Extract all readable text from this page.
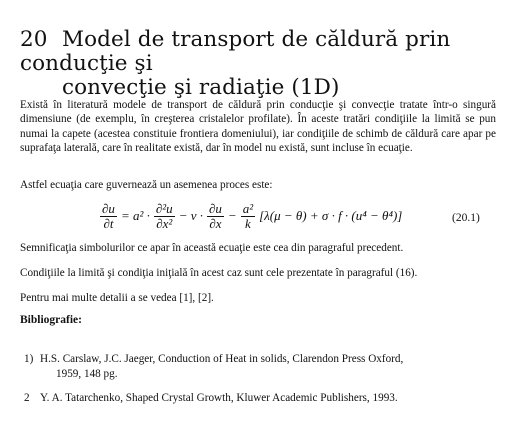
20 Model de transport de căldură prin conducţie şi
convecţie şi radiaţie (1D)

Există în literatură modele de transport de căldură prin conducţie şi convecţie tratate într-o singură dimensiune (de exemplu, în creşterea cristalelor profilate). În aceste tratări condiţiile la limită se pun numai la capete (acestea constituie frontiera domeniului), iar condiţiile de schimb de căldură care apar pe suprafaţa laterală, care în realitate există, dar în model nu există, sunt incluse în ecuaţie.

Astfel ecuaţia care guvernează un asemenea proces este:

$\frac{\partial u}{\partial t} = a^2 \cdot \frac{\text{∂²u}}{\text{∂x²}} - v \cdot \frac{\partial u}{\partial x} - \frac{\text{a²}}{k} [\lambda(\mu - \theta) + \sigma \cdot f \cdot (u^4 - \theta^4)]$	(20.1)

Semnificaţia simbolurilor ce apar în această ecuaţie este cea din paragraful precedent.

Condiţiile la limită şi condiţia iniţială în acest caz sunt cele prezentate în paragraful (16).

Pentru mai multe detalii a se vedea [1], [2].

Bibliografie:
1) H.S. Carslaw, J.C. Jaeger, Conduction of Heat in solids, Clarendon Press Oxford,
1959, 148 pg.
2 Y. A. Tatarchenko, Shaped Crystal Growth, Kluwer Academic Publishers, 1993.
